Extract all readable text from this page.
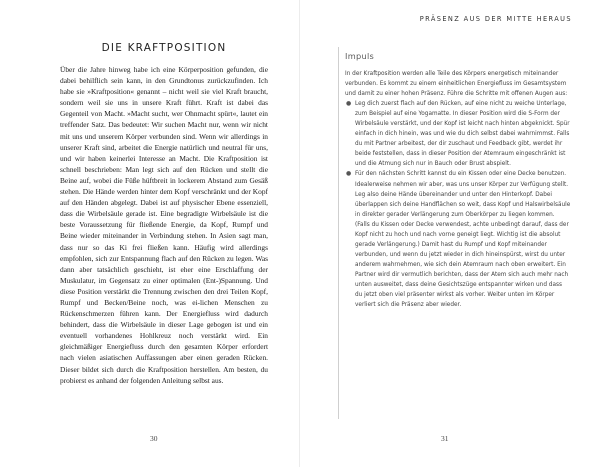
DIE KRAFTPOSITION

Über die Jahre hinweg habe ich eine Körperposition gefunden, die dabei behilflich sein kann, in den Grundtonus zurückzufinden. Ich habe sie »Kraftposition« genannt – nicht weil sie viel Kraft braucht, sondern weil sie uns in unsere Kraft führt. Kraft ist dabei das Gegenteil von Macht. »Macht sucht, wer Ohnmacht spürt«, lautet ein treffender Satz. Das bedeutet: Wir suchen Macht nur, wenn wir nicht mit uns und unserem Körper verbunden sind. Wenn wir allerdings in unserer Kraft sind, arbeitet die Energie natürlich und neutral für uns, und wir haben keinerlei Interesse an Macht. Die Kraftposition ist schnell beschrieben: Man legt sich auf den Rücken und stellt die Beine auf, wobei die Füße hüftbreit in lockerem Abstand zum Gesäß stehen. Die Hände werden hinter dem Kopf verschränkt und der Kopf auf den Händen abgelegt. Dabei ist auf physischer Ebene essenziell, dass die Wirbelsäule gerade ist. Eine begradigte Wirbelsäule ist die beste Voraussetzung für fließende Energie, da Kopf, Rumpf und Beine wieder miteinander in Verbindung stehen. In Asien sagt man, dass nur so das Ki frei fließen kann. Häufig wird allerdings empfohlen, sich zur Entspannung flach auf den Rücken zu legen. Was dann aber tatsächlich geschieht, ist eher eine Erschlaffung der Muskulatur, im Gegensatz zu einer optimalen (Ent-)Spannung. Und diese Position verstärkt die Trennung zwischen den drei Teilen Kopf, Rumpf und Becken/Beine noch, was ei-lichen Menschen zu Rückenschmerzen führen kann. Der Energiefluss wird dadurch behindert, dass die Wirbelsäule in dieser Lage gebogen ist und ein eventuell vorhandenes Hohlkreuz noch verstärkt wird. Ein gleichmäßiger Energiefluss durch den gesamten Körper erfordert nach vielen asiatischen Auffassungen aber einen geraden Rücken. Dieser bildet sich durch die Kraftposition herstellen. Am besten, du probierst es anhand der folgenden Anleitung selbst aus.

30
PRÄSENZ AUS DER MITTE HERAUS
Impuls

In der Kraftposition werden alle Teile des Körpers energetisch miteinander verbunden. Es kommt zu einem einheitlichen Energiefluss im Gesamtsystem und damit zu einer hohen Präsenz. Führe die Schritte mit offenen Augen aus:

● Leg dich zuerst flach auf den Rücken, auf eine nicht zu weiche Unterlage, zum Beispiel auf eine Yogamatte. In dieser Position wird die S-Form der Wirbelsäule verstärkt, und der Kopf ist leicht nach hinten abgeknickt. Spür einfach in dich hinein, was und wie du dich selbst dabei wahrnimmst. Falls du mit Partner arbeitest, der dir zuschaut und Feedback gibt, werdet ihr beide feststellen, dass in dieser Position der Atemraum eingeschränkt ist und die Atmung sich nur in Bauch oder Brust abspielt.
● Für den nächsten Schritt kannst du ein Kissen oder eine Decke benutzen. Idealerweise nehmen wir aber, was uns unser Körper zur Verfügung stellt. Leg also deine Hände übereinander und unter den Hinterkopf. Dabei überlappen sich deine Handflächen so weit, dass Kopf und Halswirbelsäule in direkter gerader Verlängerung zum Oberkörper zu liegen kommen. (Falls du Kissen oder Decke verwendest, achte unbedingt darauf, dass der Kopf nicht zu hoch und nach vorne geneigt liegt. Wichtig ist die absolut gerade Verlängerung.) Damit hast du Rumpf und Kopf miteinander verbunden, und wenn du jetzt wieder in dich hineinspürst, wirst du unter anderem wahrnehmen, wie sich dein Atemraum nach oben erweitert. Ein Partner wird dir vermutlich berichten, dass der Atem sich auch mehr nach unten ausweitet, dass deine Gesichtszüge entspannter wirken und dass du jetzt oben viel präsenter wirkst als vorher. Weiter unten im Körper verliert sich die Präsenz aber wieder.
31
